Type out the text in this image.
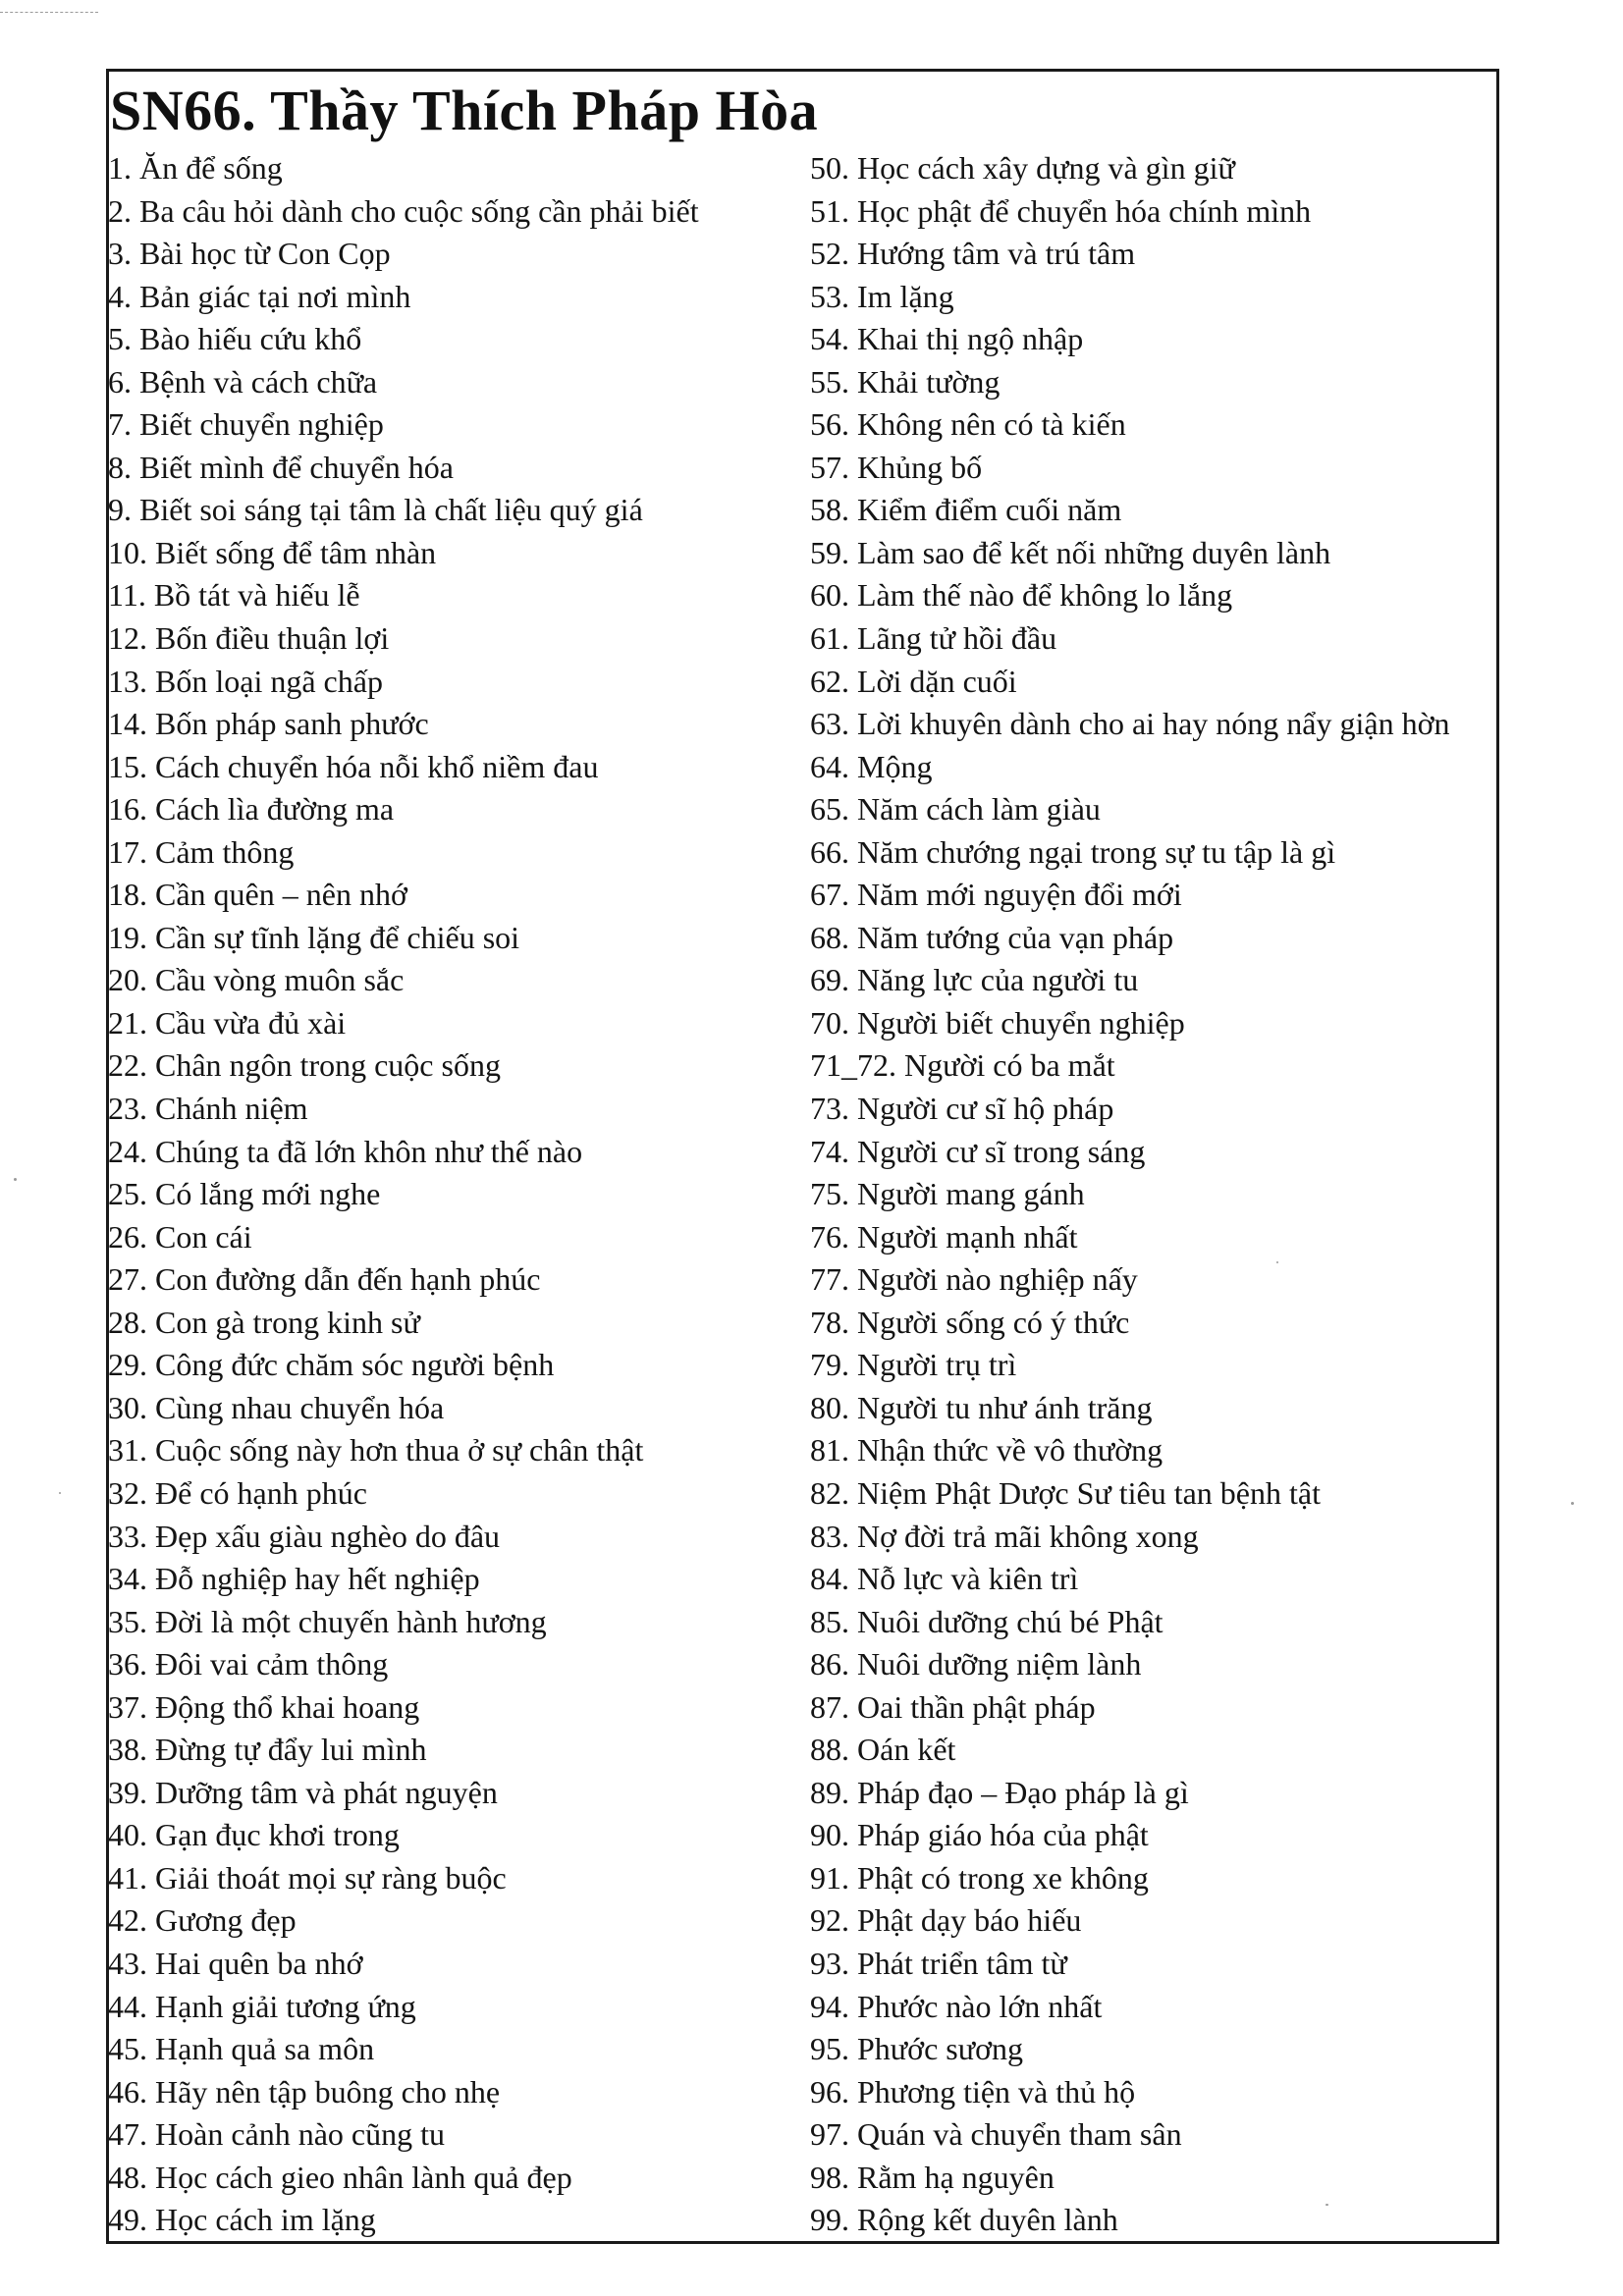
SN66. Thầy Thích Pháp Hòa
1. Ăn để sống
2. Ba câu hỏi dành cho cuộc sống cần phải biết
3. Bài học từ Con Cọp
4. Bản giác tại nơi mình
5. Bào hiếu cứu khổ
6. Bệnh và cách chữa
7. Biết chuyển nghiệp
8. Biết mình để chuyển hóa
9. Biết soi sáng tại tâm là chất liệu quý giá
10. Biết sống để tâm nhàn
11. Bồ tát và hiếu lễ
12. Bốn điều thuận lợi
13. Bốn loại ngã chấp
14. Bốn pháp sanh phước
15. Cách chuyển hóa nỗi khổ niềm đau
16. Cách lìa đường ma
17. Cảm thông
18. Cần quên – nên nhớ
19. Cần sự tĩnh lặng để chiếu soi
20. Cầu vòng muôn sắc
21. Cầu vừa đủ xài
22. Chân ngôn trong cuộc sống
23. Chánh niệm
24. Chúng ta đã lớn khôn như thế nào
25. Có lắng mới nghe
26. Con cái
27. Con đường dẫn đến hạnh phúc
28. Con gà trong kinh sử
29. Công đức chăm sóc người bệnh
30. Cùng nhau chuyển hóa
31. Cuộc sống này hơn thua ở sự chân thật
32. Để có hạnh phúc
33. Đẹp xấu giàu nghèo do đâu
34. Đỗ nghiệp hay hết nghiệp
35. Đời là một chuyến hành hương
36. Đôi vai cảm thông
37. Động thổ khai hoang
38. Đừng tự đẩy lui mình
39. Dưỡng tâm và phát nguyện
40. Gạn đục khơi trong
41. Giải thoát mọi sự ràng buộc
42. Gương đẹp
43. Hai quên ba nhớ
44. Hạnh giải tương ứng
45. Hạnh quả sa môn
46. Hãy nên tập buông cho nhẹ
47. Hoàn cảnh nào cũng tu
48. Học cách gieo nhân lành quả đẹp
49. Học cách im lặng
50. Học cách xây dựng và gìn giữ
51. Học phật để chuyển hóa chính mình
52. Hướng tâm và trú tâm
53. Im lặng
54. Khai thị ngộ nhập
55. Khải tường
56. Không nên có tà kiến
57. Khủng bố
58. Kiểm điểm cuối năm
59. Làm sao để kết nối những duyên lành
60. Làm thế nào để không lo lắng
61. Lãng tử hồi đầu
62. Lời dặn cuối
63. Lời khuyên dành cho ai hay nóng nẩy giận hờn
64. Mộng
65. Năm cách làm giàu
66. Năm chướng ngại trong sự tu tập là gì
67. Năm mới nguyện đổi mới
68. Năm tướng của vạn pháp
69. Năng lực của người tu
70. Người biết chuyển nghiệp
71_72. Người có ba mắt
73. Người cư sĩ hộ pháp
74. Người cư sĩ trong sáng
75. Người mang gánh
76. Người mạnh nhất
77. Người nào nghiệp nấy
78. Người sống có ý thức
79. Người trụ trì
80. Người tu như ánh trăng
81. Nhận thức về vô thường
82. Niệm Phật Dược Sư tiêu tan bệnh tật
83. Nợ đời trả mãi không xong
84. Nỗ lực và kiên trì
85. Nuôi dưỡng chú bé Phật
86. Nuôi dưỡng niệm lành
87. Oai thần phật pháp
88. Oán kết
89. Pháp đạo – Đạo pháp là gì
90. Pháp giáo hóa của phật
91. Phật có trong xe không
92. Phật dạy báo hiếu
93. Phát triển tâm từ
94. Phước nào lớn nhất
95. Phước sương
96. Phương tiện và thủ hộ
97. Quán và chuyển tham sân
98. Rằm hạ nguyên
99. Rộng kết duyên lành
